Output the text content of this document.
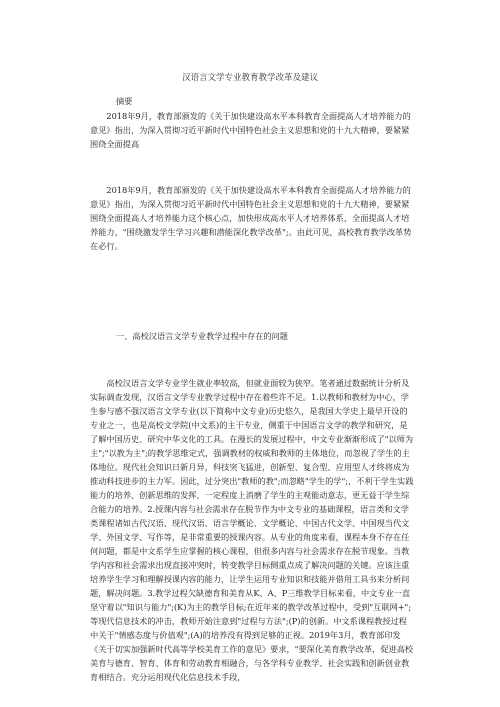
汉语言文学专业教育教学改革及建议
摘要

2018年9月，教育部颁发的《关于加快建设高水平本科教育全面提高人才培养能力的意见》指出，为深入贯彻习近平新时代中国特色社会主义思想和党的十九大精神，要紧紧围绕全面提高

2018年9月，教育部颁发的《关于加快建设高水平本科教育全面提高人才培养能力的意见》指出，为深入贯彻习近平新时代中国特色社会主义思想和党的十九大精神，要紧紧围绕全面提高人才培养能力这个核心点，加快形成高水平人才培养体系，全面提高人才培养能力，"围绕激发学生学习兴趣和潜能深化教学改革";。由此可见，高校教育教学改革势在必行。

一、高校汉语言文学专业教学过程中存在的问题

高校汉语言文学专业学生就业率较高，但就业面较为狭窄。笔者通过数据统计分析及实际调查发现，汉语言文学专业教学过程中存在着些许不足。1.以教师和教材为中心，学生参与感不强汉语言文学专业(以下简称中文专业)历史悠久，是我国大学史上最早开设的专业之一，也是高校文学院(中文系)的主干专业，侧重于中国语言文学的教学和研究，是了解中国历史、研究中华文化的工具。在漫长的发展过程中，中文专业渐渐形成了"以师为主";"以教为主";的教学思维定式，强调教材的权威和教师的主体地位，而忽视了学生的主体地位。现代社会知识日新月异，科技突飞猛进，创新型、复合型、应用型人才终将成为推动科技进步的主力军。因此，过分突出"教师的教";而忽略"学生的学";，不利于学生实践能力的培养、创新思维的发挥，一定程度上消磨了学生的主观能动意志，更无益于学生综合能力的培养。2.授课内容与社会需求存在脱节作为中文专业的基础课程，语言类和文学类课程诸如古代汉语、现代汉语、语言学概论、文学概论、中国古代文学、中国现当代文学、外国文学、写作等，是非常重要的授课内容。从专业的角度来看，课程本身不存在任何问题，都是中文系学生应掌握的核心课程，但很多内容与社会需求存在脱节现象。当教学内容和社会需求出现直接冲突时，转变教学目标侧重点成了解决问题的关键。应该注重培养学生学习和理解授课内容的能力，让学生运用专业知识和技能并借用工具书来分析问题，解决问题。3.教学过程欠缺德育和美育从K、A、P三维教学目标来看，中文专业一直坚守着以"知识与能力";(K)为主的教学目标;在近年来的教学改革过程中，受到"互联网+";等现代信息技术的冲击，教师开始注意到"过程与方法";(P)的创新。中文系课程教授过程中关于"情感态度与价值观";(A)的培养没有得到足够的正视。2019年3月，教育部印发《关于切实加强新时代高等学校美育工作的意见》要求，"要深化美育教学改革，促进高校美育与德育、智育、体育和劳动教育相融合，与各学科专业教学、社会实践和创新创业教育相结合。充分运用现代化信息技术手段，
